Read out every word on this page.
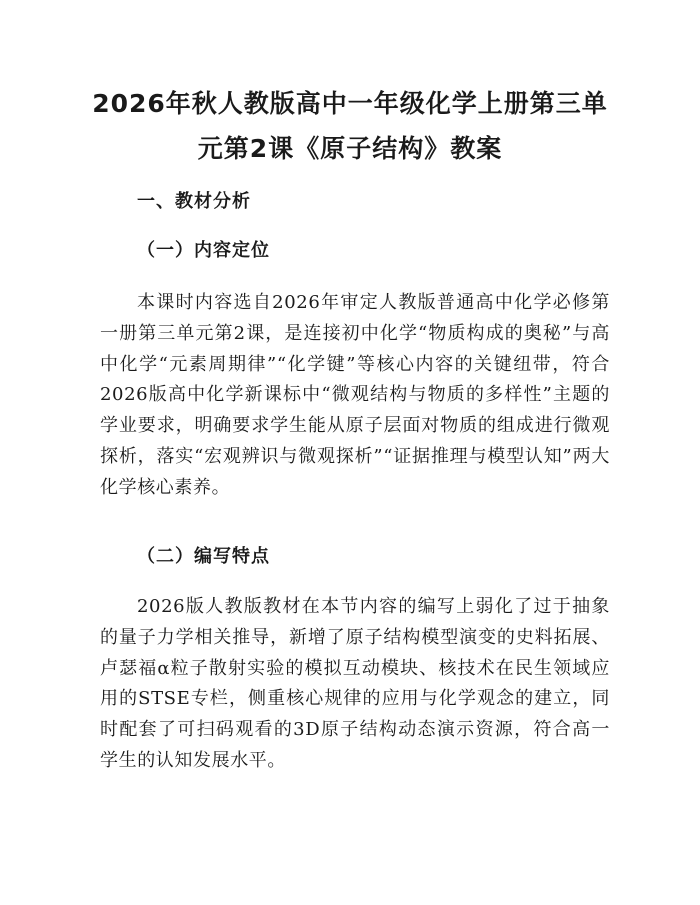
2026年秋人教版高中一年级化学上册第三单
元第2课《原子结构》教案
一、教材分析
（一）内容定位

本课时内容选自2026年审定人教版普通高中化学必修第一册第三单元第2课，是连接初中化学“物质构成的奥秘”与高中化学“元素周期律”“化学键”等核心内容的关键纽带，符合2026版高中化学新课标中“微观结构与物质的多样性”主题的学业要求，明确要求学生能从原子层面对物质的组成进行微观探析，落实“宏观辨识与微观探析”“证据推理与模型认知”两大化学核心素养。

（二）编写特点

2026版人教版教材在本节内容的编写上弱化了过于抽象的量子力学相关推导，新增了原子结构模型演变的史料拓展、卢瑟福α粒子散射实验的模拟互动模块、核技术在民生领域应用的STSE专栏，侧重核心规律的应用与化学观念的建立，同时配套了可扫码观看的3D原子结构动态演示资源，符合高一学生的认知发展水平。
